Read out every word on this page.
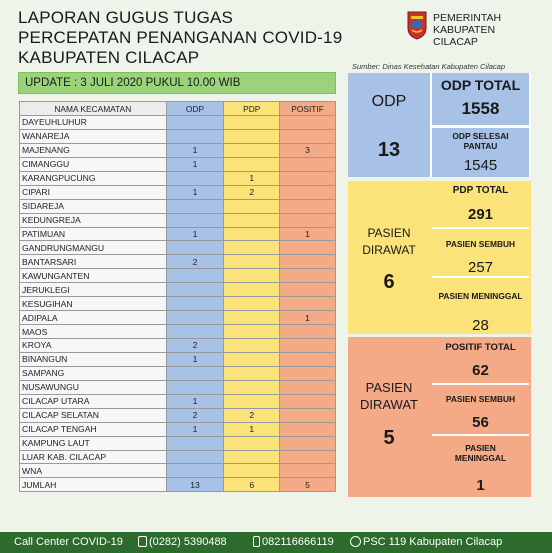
LAPORAN GUGUS TUGAS
PERCEPATAN PENANGANAN COVID-19
KABUPATEN CILACAP
PEMERINTAH
KABUPATEN
CILACAP
Sumber: Dinas Kesehatan Kabupaten Cilacap
UPDATE : 3 JULI 2020 PUKUL 10.00 WIB
NAMA KECAMATAN	ODP	PDP	POSITIF
DAYEUHLUHUR			
WANAREJA			
MAJENANG	1		3
CIMANGGU	1		
KARANGPUCUNG		1	
CIPARI	1	2	
SIDAREJA			
KEDUNGREJA			
PATIMUAN	1		1
GANDRUNGMANGU			
BANTARSARI	2		
KAWUNGANTEN			
JERUKLEGI			
KESUGIHAN			
ADIPALA			1
MAOS			
KROYA	2		
BINANGUN	1		
SAMPANG			
NUSAWUNGU			
CILACAP UTARA	1		
CILACAP SELATAN	2	2	
CILACAP TENGAH	1	1	
KAMPUNG LAUT			
LUAR KAB. CILACAP			
WNA			
JUMLAH	13	6	5
ODP
13
ODP TOTAL
1558
ODP SELESAI
PANTAU
1545
PASIEN
DIRAWAT
6
PDP TOTAL
291
PASIEN SEMBUH
257
PASIEN MENINGGAL
28
PASIEN
DIRAWAT
5
POSITIF TOTAL
62
PASIEN SEMBUH
56
PASIEN
MENINGGAL
1
Call Center COVID-19	(0282) 5390488	082116666119	PSC 119 Kabupaten Cilacap
